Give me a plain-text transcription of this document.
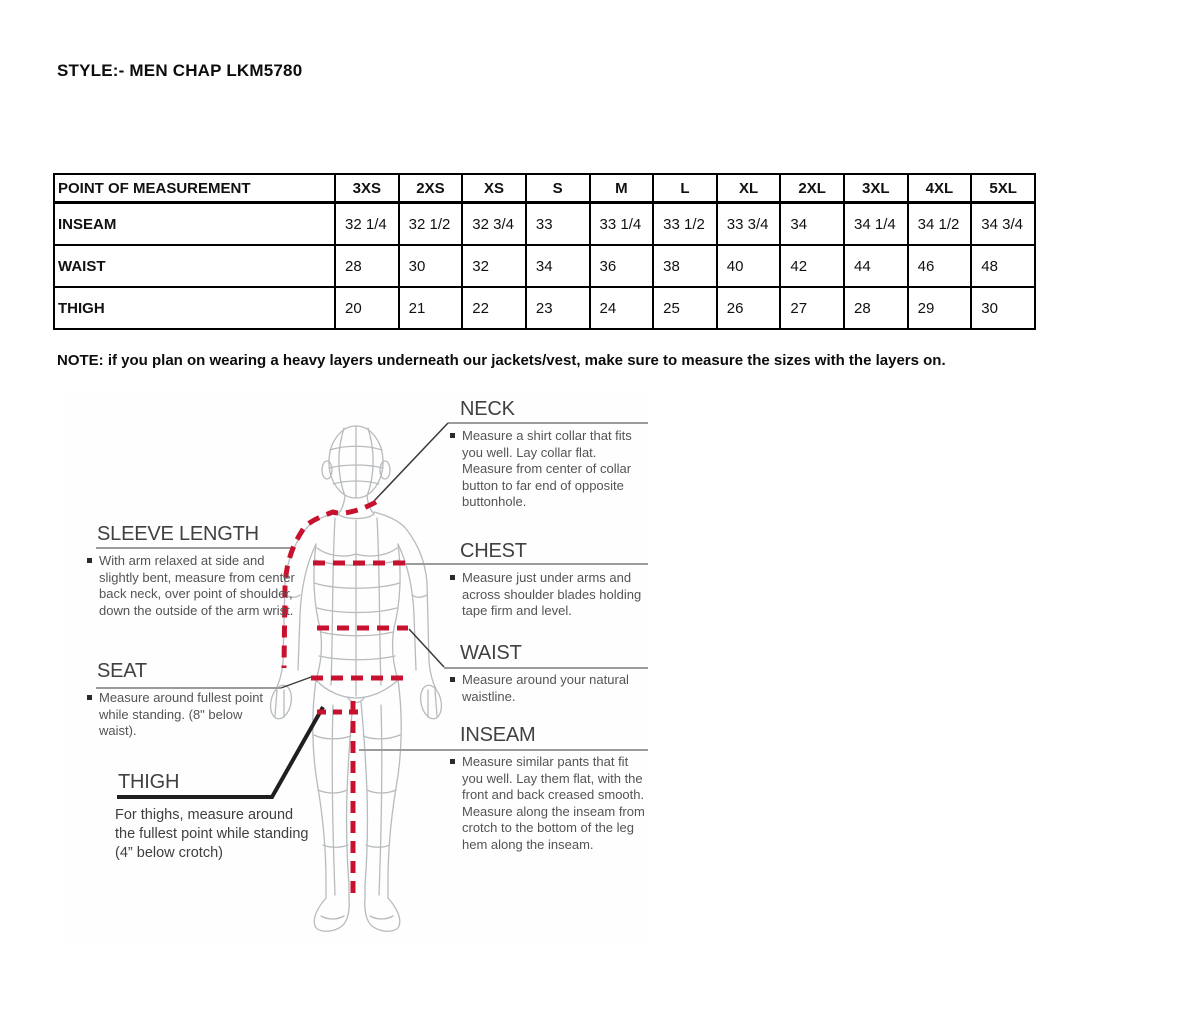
STYLE:- MEN CHAP LKM5780
POINT OF MEASUREMENT	3XS	2XS	XS	S	M	L	XL	2XL	3XL	4XL	5XL
INSEAM	32 1/4	32 1/2	32 3/4	33	33 1/4	33 1/2	33 3/4	34	34 1/4	34 1/2	34 3/4
WAIST	28	30	32	34	36	38	40	42	44	46	48
THIGH	20	21	22	23	24	25	26	27	28	29	30
NOTE: if you plan on wearing a heavy layers underneath our jackets/vest, make sure to measure the sizes with the layers on.
NECK
Measure a shirt collar that fits you well. Lay collar flat. Measure from center of collar button to far end of opposite buttonhole.
SLEEVE LENGTH
With arm relaxed at side and slightly bent, measure from center back neck, over point of shoulder, down the outside of the arm wrist.
CHEST
Measure just under arms and across shoulder blades holding tape firm and level.
SEAT
Measure around fullest point while standing. (8" below waist).
WAIST
Measure around your natural waistline.
THIGH
For thighs, measure around the fullest point while standing (4” below crotch)
INSEAM
Measure similar pants that fit you well. Lay them flat, with the front and back creased smooth. Measure along the inseam from crotch to the bottom of the leg hem along the inseam.
